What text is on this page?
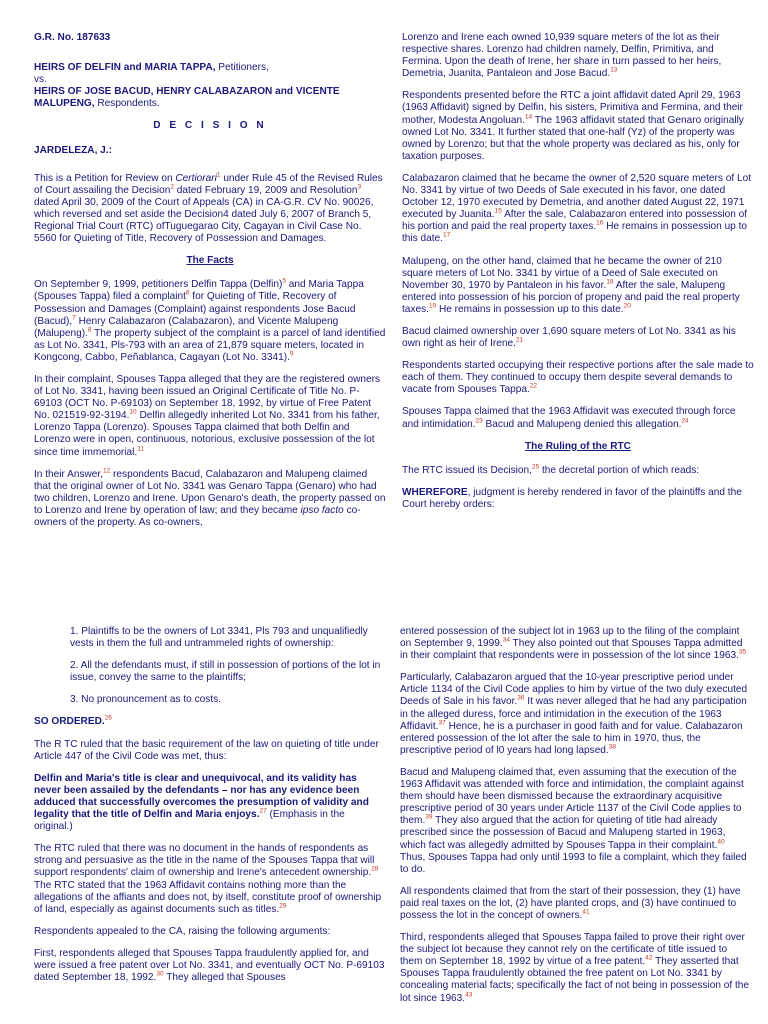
G.R. No. 187633

HEIRS OF DELFIN and MARIA TAPPA, Petitioners,

vs.

HEIRS OF JOSE BACUD, HENRY CALABAZARON and VICENTE MALUPENG, Respondents.

D E C I S I O N

JARDELEZA, J.:

This is a Petition for Review on Certiorari$^1$ under Rule 45 of the Revised Rules of Court assailing the Decision$^2$ dated February 19, 2009 and Resolution$^3$ dated April 30, 2009 of the Court of Appeals (CA) in CA-G.R. CV No. 90026, which reversed and set aside the Decision4 dated July 6, 2007 of Branch 5, Regional Trial Court (RTC) ofTuguegarao City, Cagayan in Civil Case No. 5560 for Quieting of Title, Recovery of Possession and Damages.

The Facts

On September 9, 1999, petitioners Delfin Tappa (Delfin)$^5$ and Maria Tappa (Spouses Tappa) filed a complaint$^6$ for Quieting of Title, Recovery of Possession and Damages (Complaint) against respondents Jose Bacud (Bacud),$^7$ Henry Calabazaron (Calabazaron), and Vicente Malupeng (Malupeng).$^8$ The property subject of the complaint is a parcel of land identified as Lot No. 3341, Pls-793 with an area of 21,879 square meters, located in Kongcong, Cabbo, Peñablanca, Cagayan (Lot No. 3341).$^9$

In their complaint, Spouses Tappa alleged that they are the registered owners of Lot No. 3341, having been issued an Original Certificate of Title No. P-69103 (OCT No. P-69103) on September 18, 1992, by virtue of Free Patent No. 021519-92-3194.10 Delfin allegedly inherited Lot No. 3341 from his father, Lorenzo Tappa (Lorenzo). Spouses Tappa claimed that both Delfin and Lorenzo were in open, continuous, notorious, exclusive possession of the lot since time immemorial.$^{11}$

In their Answer,$^{12}$ respondents Bacud, Calabazaron and Malupeng claimed that the original owner of Lot No. 3341 was Genaro Tappa (Genaro) who had two children, Lorenzo and Irene. Upon Genaro's death, the property passed on to Lorenzo and Irene by operation of law; and they became ipso facto co-owners of the property. As co-owners,

Lorenzo and Irene each owned 10,939 square meters of the lot as their respective shares. Lorenzo had children namely, Delfin, Primitiva, and Fermina. Upon the death of Irene, her share in turn passed to her heirs, Demetria, Juanita, Pantaleon and Jose Bacud.$^{13}$

Respondents presented before the RTC a joint affidavit dated April 29, 1963 (1963 Affidavit) signed by Delfin, his sisters, Primitiva and Fermina, and their mother, Modesta Angoluan.$^{14}$ The 1963 affidavit stated that Genaro originally owned Lot No. 3341. It further stated that one-half (Yz) of the property was owned by Lorenzo; but that the whole property was declared as his, only for taxation purposes.

Calabazaron claimed that he became the owner of 2,520 square meters of Lot No. 3341 by virtue of two Deeds of Sale executed in his favor, one dated October 12, 1970 executed by Demetria, and another dated August 22, 1971 executed by Juanita.$^{15}$ After the sale, Calabazaron entered into possession of his portion and paid the real property taxes.$^{16}$ He remains in possession up to this date.$^{17}$

Malupeng, on the other hand, claimed that he became the owner of 210 square meters of Lot No. 3341 by virtue of a Deed of Sale executed on November 30, 1970 by Pantaleon in his favor.$^{18}$ After the sale, Malupeng entered into possession of his porcion of propeny and paid the real property taxes.$^{19}$ He remains in possession up to this date.$^{20}$

Bacud claimed ownership over 1,690 square meters of Lot No. 3341 as his own right as heir of Irene.$^{21}$

Respondents started occupying their respective portions after the sale made to each of them. They continued to occupy them despite several demands to vacate from Spouses Tappa.$^{22}$

Spouses Tappa claimed that the 1963 Affidavit was executed through force and intimidation.$^{23}$ Bacud and Malupeng denied this allegation.$^{24}$

The Ruling of the RTC

The RTC issued its Decision,$^{25}$ the decretal portion of which reads:

WHEREFORE, judgment is hereby rendered in favor of the plaintiffs and the Court hereby orders:

1. Plaintiffs to be the owners of Lot 3341, Pls 793 and unqualifiedly vests in them the full and untrammeled rights of ownership:

2. All the defendants must, if still in possession of portions of the lot in issue, convey the same to the plaintiffs;

3. No pronouncement as to costs.

SO ORDERED.$^{26}$

The R TC ruled that the basic requirement of the law on quieting of title under Article 447 of the Civil Code was met, thus:

Delfin and Maria's title is clear and unequivocal, and its validity has never been assailed by the defendants – nor has any evidence been adduced that successfully overcomes the presumption of validity and legality that the title of Delfin and Maria enjoys.$^{27}$ (Emphasis in the original.)

The RTC ruled that there was no document in the hands of respondents as strong and persuasive as the title in the name of the Spouses Tappa that will support respondents' claim of ownership and Irene's antecedent ownership.$^{28}$ The RTC stated that the 1963 Affidavit contains nothing more than the allegations of the affiants and does not, by itself, constitute proof of ownership of land, especially as against documents such as titles.$^{29}$

Respondents appealed to the CA, raising the following arguments:

First, respondents alleged that Spouses Tappa fraudulently applied for, and were issued a free patent over Lot No. 3341, and eventually OCT No. P-69103 dated September 18, 1992.30 They alleged that Spouses

entered possession of the subject lot in 1963 up to the filing of the complaint on September 9, 1999.34 They also pointed out that Spouses Tappa admitted in their complaint that respondents were in possession of the lot since 1963.35

Particularly, Calabazaron argued that the 10-year prescriptive period under Article 1134 of the Civil Code applies to him by virtue of the two duly executed Deeds of Sale in his favor.$^{36}$ It was never alleged that he had any participation in the alleged duress, force and intimidation in the execution of the 1963 Affidavit.$^{37}$ Hence, he is a purchaser in good faith and for value. Calabazaron entered possession of the lot after the sale to him in 1970, thus, the prescriptive period of l0 years had long lapsed.$^{38}$

Bacud and Malupeng claimed that, even assuming that the execution of the 1963 Affidavit was attended with force and intimidation, the complaint against them should have been dismissed because the extraordinary acquisitive prescriptive period of 30 years under Article 1137 of the Civil Code applies to them.$^{39}$ They also argued that the action for quieting of title had already prescribed since the possession of Bacud and Malupeng started in 1963, which fact was allegedly admitted by Spouses Tappa in their complaint.$^{40}$ Thus, Spouses Tappa had only until 1993 to file a complaint, which they failed to do.

All respondents claimed that from the start of their possession, they (1) have paid real taxes on the lot, (2) have planted crops, and (3) have continued to possess the lot in the concept of owners.$^{41}$

Third, respondents alleged that Spouses Tappa failed to prove their right over the subject lot because they cannot rely on the certificate of title issued to them on September 18, 1992 by virtue of a free patent.$^{42}$ They asserted that Spouses Tappa fraudulently obtained the free patent on Lot No. 3341 by concealing material facts; specifically the fact of not being in possession of the lot since 1963.43
